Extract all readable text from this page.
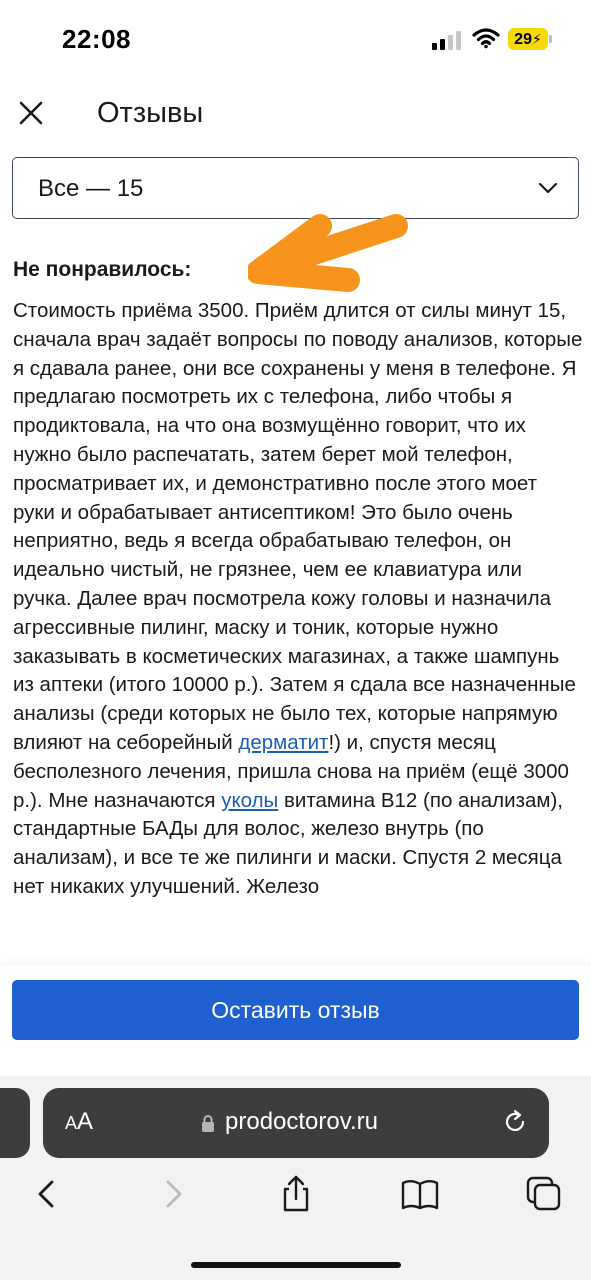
22:08	29⚡
Отзывы
Все — 15
Не понравилось:
Стоимость приёма 3500. Приём длится от силы минут 15, сначала врач задаёт вопросы по поводу анализов, которые я сдавала ранее, они все сохранены у меня в телефоне. Я предлагаю посмотреть их с телефона, либо чтобы я продиктовала, на что она возмущённо говорит, что их нужно было распечатать, затем берет мой телефон, просматривает их, и демонстративно после этого моет руки и обрабатывает антисептиком! Это было очень неприятно, ведь я всегда обрабатываю телефон, он идеально чистый, не грязнее, чем ее клавиатура или ручка. Далее врач посмотрела кожу головы и назначила агрессивные пилинг, маску и тоник, которые нужно заказывать в косметических магазинах, а также шампунь из аптеки (итого 10000 р.). Затем я сдала все назначенные анализы (среди которых не было тех, которые напрямую влияют на себорейный дерматит!) и, спустя месяц бесполезного лечения, пришла снова на приём (ещё 3000 р.). Мне назначаются уколы витамина В12 (по анализам), стандартные БАДы для волос, железо внутрь (по анализам), и все те же пилинги и маски. Спустя 2 месяца нет никаких улучшений. Железо
Оставить отзыв
AA	prodoctorov.ru
